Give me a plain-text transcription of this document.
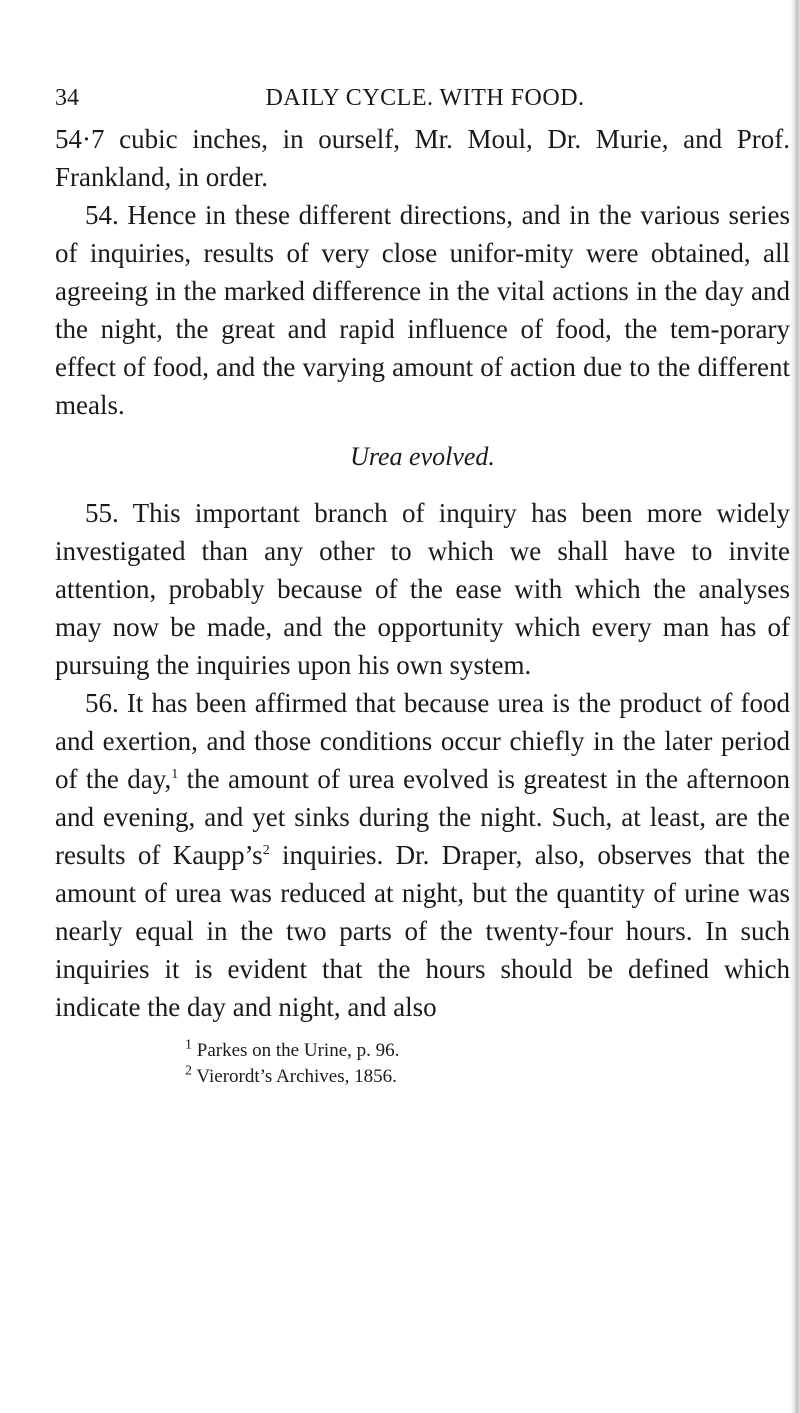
34	DAILY CYCLE. WITH FOOD.

54·7 cubic inches, in ourself, Mr. Moul, Dr. Murie, and Prof. Frankland, in order.

54. Hence in these different directions, and in the various series of inquiries, results of very close unifor-mity were obtained, all agreeing in the marked difference in the vital actions in the day and the night, the great and rapid influence of food, the tem-porary effect of food, and the varying amount of action due to the different meals.

Urea evolved.

55. This important branch of inquiry has been more widely investigated than any other to which we shall have to invite attention, probably because of the ease with which the analyses may now be made, and the opportunity which every man has of pursuing the inquiries upon his own system.

56. It has been affirmed that because urea is the product of food and exertion, and those conditions occur chiefly in the later period of the day,$^1$ the amount of urea evolved is greatest in the afternoon and evening, and yet sinks during the night. Such, at least, are the results of $Kaupp’s^2$ inquiries. Dr. Draper, also, observes that the amount of urea was reduced at night, but the quantity of urine was nearly equal in the two parts of the twenty-four hours. In such inquiries it is evident that the hours should be defined which indicate the day and night, and also

$^1$ Parkes on the Urine, p. 96.
$^2$ Vierordt’s Archives, 1856.
